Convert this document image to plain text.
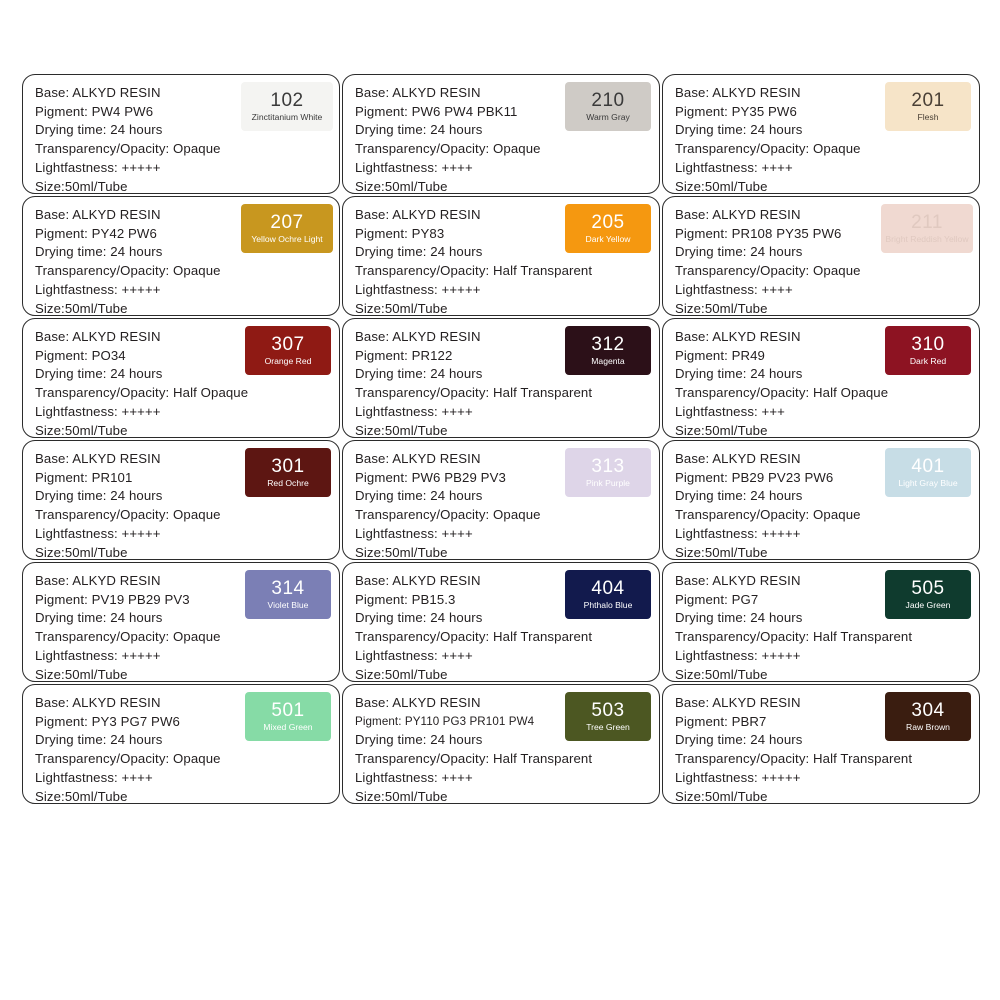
Base: ALKYD RESIN
Pigment: PW4 PW6
Drying time: 24 hours
Transparency/Opacity: Opaque
Lightfastness: +++++
Size:50ml/Tube
102
Zinctitanium White
Base: ALKYD RESIN
Pigment: PW6 PW4 PBK11
Drying time: 24 hours
Transparency/Opacity: Opaque
Lightfastness: ++++
Size:50ml/Tube
210
Warm Gray
Base: ALKYD RESIN
Pigment: PY35 PW6
Drying time: 24 hours
Transparency/Opacity: Opaque
Lightfastness: ++++
Size:50ml/Tube
201
Flesh
Base: ALKYD RESIN
Pigment: PY42 PW6
Drying time: 24 hours
Transparency/Opacity: Opaque
Lightfastness: +++++
Size:50ml/Tube
207
Yellow Ochre Light
Base: ALKYD RESIN
Pigment: PY83
Drying time: 24 hours
Transparency/Opacity: Half Transparent
Lightfastness: +++++
Size:50ml/Tube
205
Dark Yellow
Base: ALKYD RESIN
Pigment: PR108 PY35 PW6
Drying time: 24 hours
Transparency/Opacity: Opaque
Lightfastness: ++++
Size:50ml/Tube
211
Bright Reddish Yellow
Base: ALKYD RESIN
Pigment: PO34
Drying time: 24 hours
Transparency/Opacity: Half Opaque
Lightfastness: +++++
Size:50ml/Tube
307
Orange Red
Base: ALKYD RESIN
Pigment: PR122
Drying time: 24 hours
Transparency/Opacity: Half Transparent
Lightfastness: ++++
Size:50ml/Tube
312
Magenta
Base: ALKYD RESIN
Pigment: PR49
Drying time: 24 hours
Transparency/Opacity: Half Opaque
Lightfastness: +++
Size:50ml/Tube
310
Dark Red
Base: ALKYD RESIN
Pigment: PR101
Drying time: 24 hours
Transparency/Opacity: Opaque
Lightfastness: +++++
Size:50ml/Tube
301
Red Ochre
Base: ALKYD RESIN
Pigment: PW6 PB29 PV3
Drying time: 24 hours
Transparency/Opacity: Opaque
Lightfastness: ++++
Size:50ml/Tube
313
Pink Purple
Base: ALKYD RESIN
Pigment: PB29 PV23 PW6
Drying time: 24 hours
Transparency/Opacity: Opaque
Lightfastness: +++++
Size:50ml/Tube
401
Light Gray Blue
Base: ALKYD RESIN
Pigment: PV19 PB29 PV3
Drying time: 24 hours
Transparency/Opacity: Opaque
Lightfastness: +++++
Size:50ml/Tube
314
Violet Blue
Base: ALKYD RESIN
Pigment: PB15.3
Drying time: 24 hours
Transparency/Opacity: Half Transparent
Lightfastness: ++++
Size:50ml/Tube
404
Phthalo Blue
Base: ALKYD RESIN
Pigment: PG7
Drying time: 24 hours
Transparency/Opacity: Half Transparent
Lightfastness: +++++
Size:50ml/Tube
505
Jade Green
Base: ALKYD RESIN
Pigment: PY3 PG7 PW6
Drying time: 24 hours
Transparency/Opacity: Opaque
Lightfastness: ++++
Size:50ml/Tube
501
Mixed Green
Base: ALKYD RESIN
Pigment: PY110 PG3 PR101 PW4
Drying time: 24 hours
Transparency/Opacity: Half Transparent
Lightfastness: ++++
Size:50ml/Tube
503
Tree Green
Base: ALKYD RESIN
Pigment: PBR7
Drying time: 24 hours
Transparency/Opacity: Half Transparent
Lightfastness: +++++
Size:50ml/Tube
304
Raw Brown
